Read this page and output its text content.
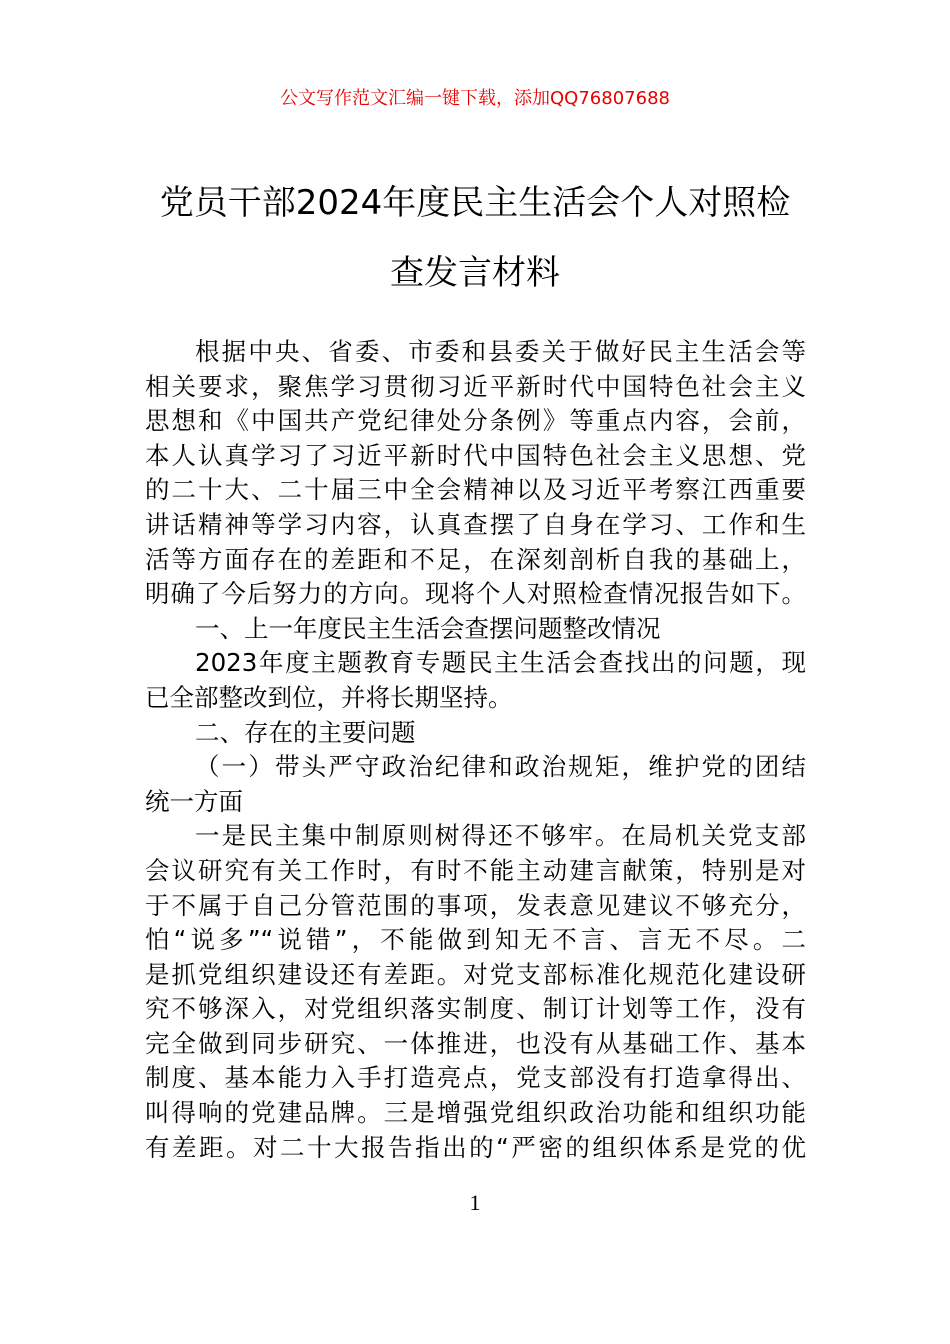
公文写作范文汇编一键下载，添加QQ76807688
党员干部2024年度民主生活会个人对照检
查发言材料
根据中央、省委、市委和县委关于做好民主生活会等
相关要求，聚焦学习贯彻习近平新时代中国特色社会主义
思想和《中国共产党纪律处分条例》等重点内容，会前，
本人认真学习了习近平新时代中国特色社会主义思想、党
的二十大、二十届三中全会精神以及习近平考察江西重要
讲话精神等学习内容，认真查摆了自身在学习、工作和生
活等方面存在的差距和不足，在深刻剖析自我的基础上，
明确了今后努力的方向。现将个人对照检查情况报告如下。
一、上一年度民主生活会查摆问题整改情况
2023年度主题教育专题民主生活会查找出的问题，现
已全部整改到位，并将长期坚持。
二、存在的主要问题
（一）带头严守政治纪律和政治规矩，维护党的团结
统一方面
一是民主集中制原则树得还不够牢。在局机关党支部
会议研究有关工作时，有时不能主动建言献策，特别是对
于不属于自己分管范围的事项，发表意见建议不够充分，
怕“说多”“说错”，不能做到知无不言、言无不尽。二
是抓党组织建设还有差距。对党支部标准化规范化建设研
究不够深入，对党组织落实制度、制订计划等工作，没有
完全做到同步研究、一体推进，也没有从基础工作、基本
制度、基本能力入手打造亮点，党支部没有打造拿得出、
叫得响的党建品牌。三是增强党组织政治功能和组织功能
有差距。对二十大报告指出的“严密的组织体系是党的优
1
